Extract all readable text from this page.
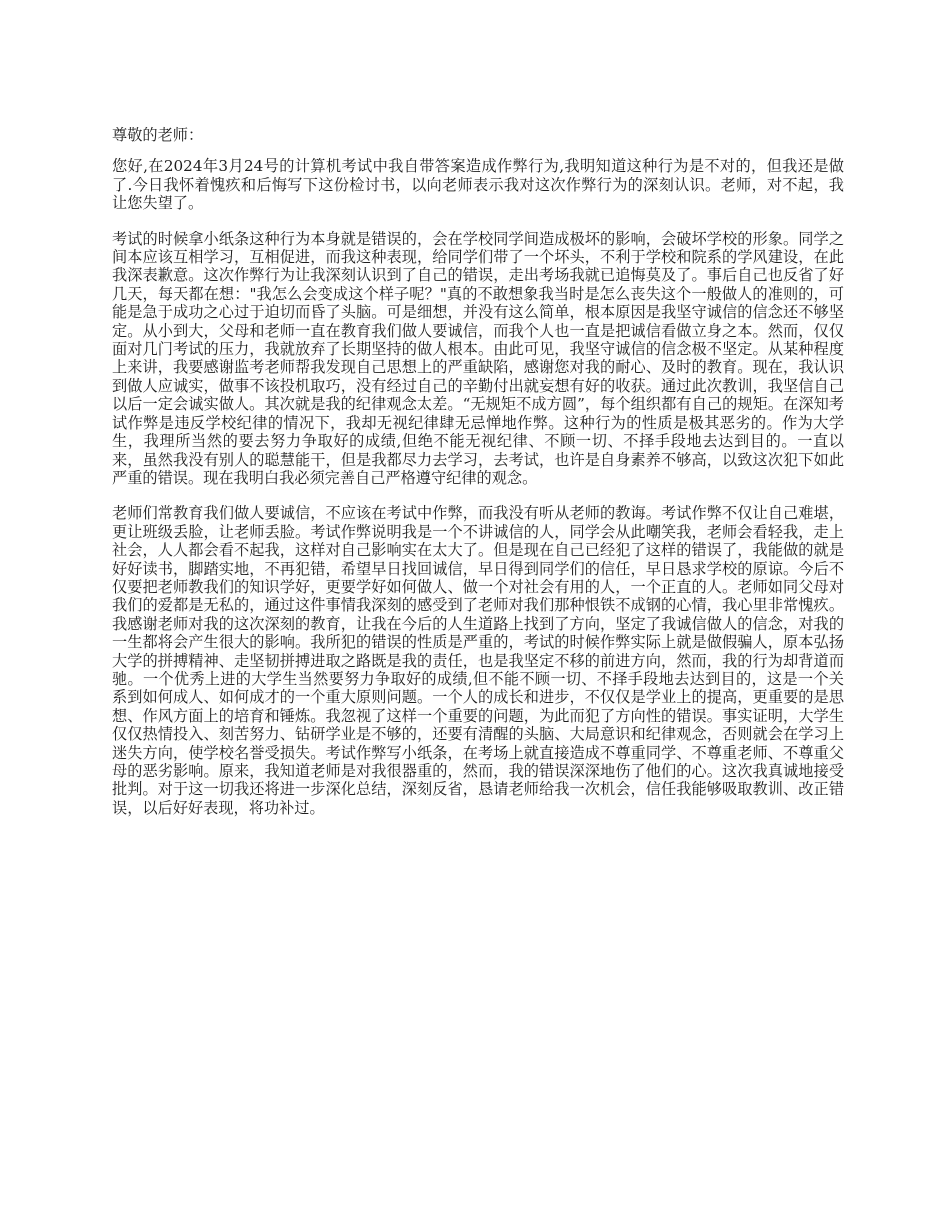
尊敬的老师：

您好,在2024年3月24号的计算机考试中我自带答案造成作弊行为,我明知道这种行为是不对的，但我还是做了.今日我怀着愧疚和后悔写下这份检讨书，以向老师表示我对这次作弊行为的深刻认识。老师，对不起，我让您失望了。

考试的时候拿小纸条这种行为本身就是错误的，会在学校同学间造成极坏的影响，会破坏学校的形象。同学之间本应该互相学习，互相促进，而我这种表现，给同学们带了一个坏头，不利于学校和院系的学风建设，在此我深表歉意。这次作弊行为让我深刻认识到了自己的错误，走出考场我就已追悔莫及了。事后自己也反省了好几天，每天都在想："我怎么会变成这个样子呢？"真的不敢想象我当时是怎么丧失这个一般做人的准则的，可能是急于成功之心过于迫切而昏了头脑。可是细想，并没有这么简单，根本原因是我坚守诚信的信念还不够坚定。从小到大，父母和老师一直在教育我们做人要诚信，而我个人也一直是把诚信看做立身之本。然而，仅仅面对几门考试的压力，我就放弃了长期坚持的做人根本。由此可见，我坚守诚信的信念极不坚定。从某种程度上来讲，我要感谢监考老师帮我发现自己思想上的严重缺陷，感谢您对我的耐心、及时的教育。现在，我认识到做人应诚实，做事不该投机取巧，没有经过自己的辛勤付出就妄想有好的收获。通过此次教训，我坚信自己以后一定会诚实做人。其次就是我的纪律观念太差。“无规矩不成方圆”，每个组织都有自己的规矩。在深知考试作弊是违反学校纪律的情况下，我却无视纪律肆无忌惮地作弊。这种行为的性质是极其恶劣的。作为大学生，我理所当然的要去努力争取好的成绩,但绝不能无视纪律、不顾一切、不择手段地去达到目的。一直以来，虽然我没有别人的聪慧能干，但是我都尽力去学习，去考试，也许是自身素养不够高，以致这次犯下如此严重的错误。现在我明白我必须完善自己严格遵守纪律的观念。

老师们常教育我们做人要诚信，不应该在考试中作弊，而我没有听从老师的教诲。考试作弊不仅让自己难堪，更让班级丢脸，让老师丢脸。考试作弊说明我是一个不讲诚信的人，同学会从此嘲笑我，老师会看轻我，走上社会，人人都会看不起我，这样对自己影响实在太大了。但是现在自己已经犯了这样的错误了，我能做的就是好好读书，脚踏实地，不再犯错，希望早日找回诚信，早日得到同学们的信任，早日恳求学校的原谅。今后不仅要把老师教我们的知识学好，更要学好如何做人、做一个对社会有用的人，一个正直的人。老师如同父母对我们的爱都是无私的，通过这件事情我深刻的感受到了老师对我们那种恨铁不成钢的心情，我心里非常愧疚。我感谢老师对我的这次深刻的教育，让我在今后的人生道路上找到了方向，坚定了我诚信做人的信念，对我的一生都将会产生很大的影响。我所犯的错误的性质是严重的，考试的时候作弊实际上就是做假骗人，原本弘扬大学的拼搏精神、走坚韧拼搏进取之路既是我的责任，也是我坚定不移的前进方向，然而，我的行为却背道而驰。一个优秀上进的大学生当然要努力争取好的成绩,但不能不顾一切、不择手段地去达到目的，这是一个关系到如何成人、如何成才的一个重大原则问题。一个人的成长和进步，不仅仅是学业上的提高，更重要的是思想、作风方面上的培育和锤炼。我忽视了这样一个重要的问题，为此而犯了方向性的错误。事实证明，大学生仅仅热情投入、刻苦努力、钻研学业是不够的，还要有清醒的头脑、大局意识和纪律观念，否则就会在学习上迷失方向，使学校名誉受损失。考试作弊写小纸条，在考场上就直接造成不尊重同学、不尊重老师、不尊重父母的恶劣影响。原来，我知道老师是对我很器重的，然而，我的错误深深地伤了他们的心。这次我真诚地接受批判。对于这一切我还将进一步深化总结，深刻反省，恳请老师给我一次机会，信任我能够吸取教训、改正错误，以后好好表现，将功补过。
